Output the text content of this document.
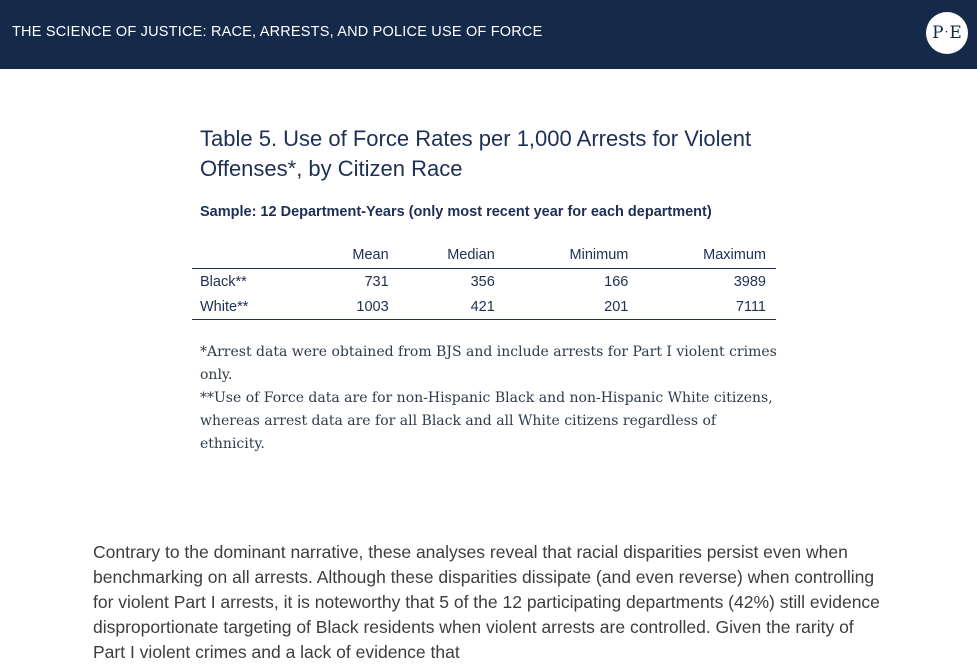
THE SCIENCE OF JUSTICE: RACE, ARRESTS, AND POLICE USE OF FORCE	P · E
Table 5. Use of Force Rates per 1,000 Arrests for Violent Offenses*, by Citizen Race
Sample: 12 Department-Years (only most recent year for each department)
	Mean	Median	Minimum	Maximum
Black**	731	356	166	3989
White**	1003	421	201	7111

*Arrest data were obtained from BJS and include arrests for Part I violent crimes only.

**Use of Force data are for non-Hispanic Black and non-Hispanic White citizens, whereas arrest data are for all Black and all White citizens regardless of ethnicity.

Contrary to the dominant narrative, these analyses reveal that racial disparities persist even when benchmarking on all arrests. Although these disparities dissipate (and even reverse) when controlling for violent Part I arrests, it is noteworthy that 5 of the 12 participating departments (42%) still evidence disproportionate targeting of Black residents when violent arrests are controlled. Given the rarity of Part I violent crimes and a lack of evidence that
